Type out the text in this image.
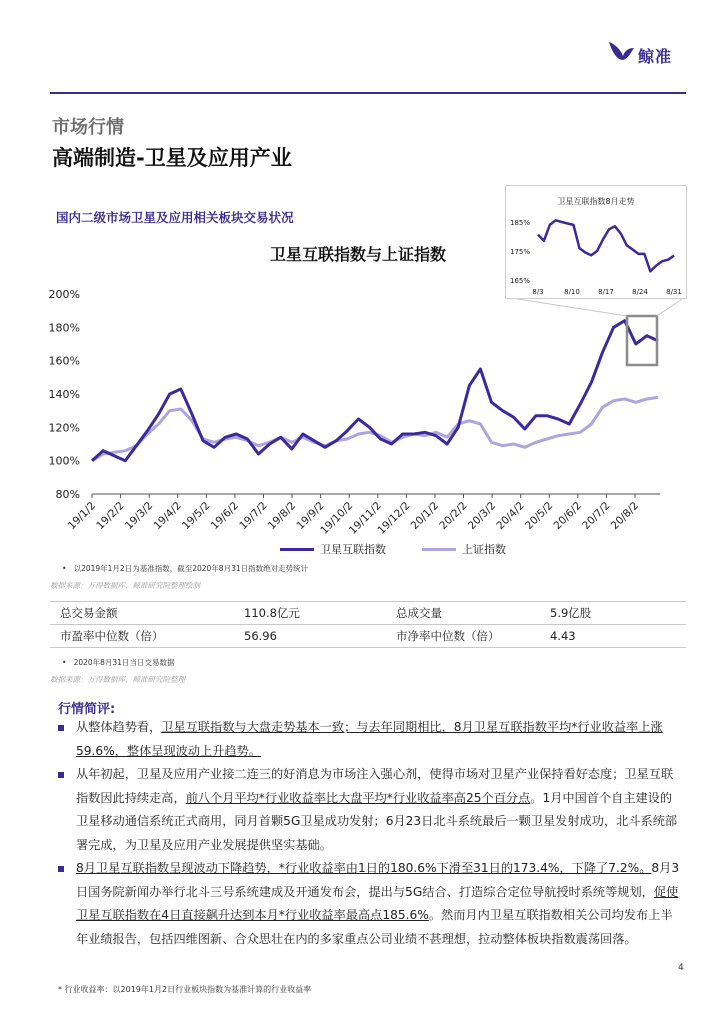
鲸准
市场行情
高端制造-卫星及应用产业
国内二级市场卫星及应用相关板块交易状况
卫星互联指数与上证指数
80%
100%
120%
140%
160%
180%
200%
19/1/2
19/2/2
19/3/2
19/4/2
19/5/2
19/6/2
19/7/2
19/8/2
19/9/2
19/10/2
19/11/2
19/12/2
20/1/2
20/2/2
20/3/2
20/4/2
20/5/2
20/6/2
20/7/2
20/8/2
卫星互联指数8月走势
165%
175%
185%
8/3	8/10	8/17	8/24	8/31
卫星互联指数	上证指数
•   以2019年1月2日为基准指数，截至2020年8月31日指数绝对走势统计
数据来源：万得数据库、鲸准研究院整理绘制
总交易金额	110.8亿元	总成交量	5.9亿股
市盈率中位数（倍）	56.96	市净率中位数（倍）	4.43
•   2020年8月31日当日交易数据
数据来源：万得数据库、鲸准研究院整理
行情简评:
从整体趋势看，卫星互联指数与大盘走势基本一致；与去年同期相比，8月卫星互联指数平均*行业收益率上涨59.6%，整体呈现波动上升趋势。
从年初起，卫星及应用产业接二连三的好消息为市场注入强心剂，使得市场对卫星产业保持看好态度；卫星互联指数因此持续走高，前八个月平均*行业收益率比大盘平均*行业收益率高25个百分点。1月中国首个自主建设的卫星移动通信系统正式商用，同月首颗5G卫星成功发射；6月23日北斗系统最后一颗卫星发射成功，北斗系统部署完成，为卫星及应用产业发展提供坚实基础。
8月卫星互联指数呈现波动下降趋势，*行业收益率由1日的180.6%下滑至31日的173.4%，下降了7.2%。8月3日国务院新闻办举行北斗三号系统建成及开通发布会，提出与5G结合、打造综合定位导航授时系统等规划，促使卫星互联指数在4日直接飙升达到本月*行业收益率最高点185.6%。然而月内卫星互联指数相关公司均发布上半年业绩报告，包括四维图新、合众思壮在内的多家重点公司业绩不甚理想，拉动整体板块指数震荡回落。
4
* 行业收益率：以2019年1月2日行业板块指数为基准计算的行业收益率
